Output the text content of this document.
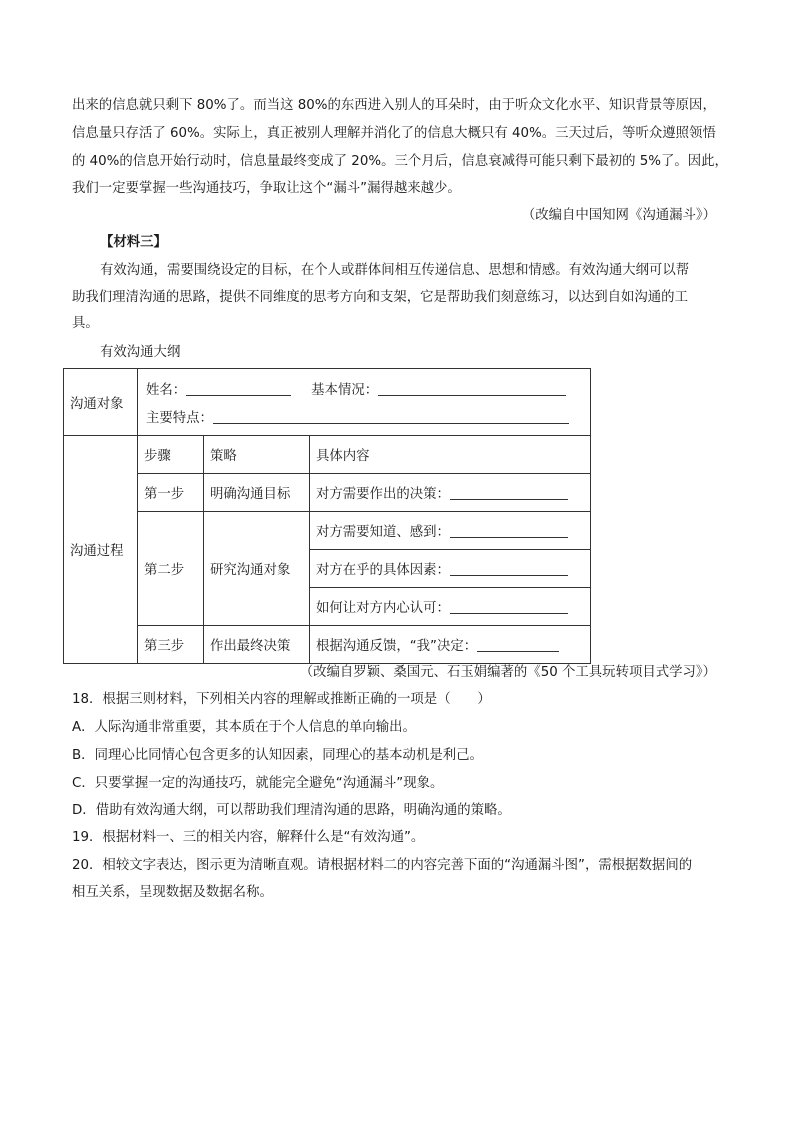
出来的信息就只剩下 80%了。而当这 80%的东西进入别人的耳朵时，由于听众文化水平、知识背景等原因，
信息量只存活了 60%。实际上，真正被别人理解并消化了的信息大概只有 40%。三天过后，等听众遵照领悟
的 40%的信息开始行动时，信息量最终变成了 20%。三个月后，信息衰减得可能只剩下最初的 5%了。因此，
我们一定要掌握一些沟通技巧，争取让这个“漏斗”漏得越来越少。
（改编自中国知网《沟通漏斗》）
【材料三】
有效沟通，需要围绕设定的目标，在个人或群体间相互传递信息、思想和情感。有效沟通大纲可以帮
助我们理清沟通的思路，提供不同维度的思考方向和支架，它是帮助我们刻意练习，以达到自如沟通的工
具。
有效沟通大纲
沟通对象	姓名： 基本情况：
主要特点：		

沟通过程	步骤	策略	具体内容
	第一步	明确沟通目标	对方需要作出的决策：

	第二步	研究沟通对象	对方需要知道、感到：

			对方在乎的具体因素：

			如何让对方内心认可：

	第三步	作出最终决策	根据沟通反馈，“我”决定：
（改编自罗颖、桑国元、石玉娟编著的《50 个工具玩转项目式学习》）
18．根据三则材料，下列相关内容的理解或推断正确的一项是（　　）
A．人际沟通非常重要，其本质在于个人信息的单向输出。
B．同理心比同情心包含更多的认知因素，同理心的基本动机是利己。
C．只要掌握一定的沟通技巧，就能完全避免“沟通漏斗”现象。
D．借助有效沟通大纲，可以帮助我们理清沟通的思路，明确沟通的策略。
19．根据材料一、三的相关内容，解释什么是“有效沟通”。
20．相较文字表达，图示更为清晰直观。请根据材料二的内容完善下面的“沟通漏斗图”，需根据数据间的
相互关系，呈现数据及数据名称。
